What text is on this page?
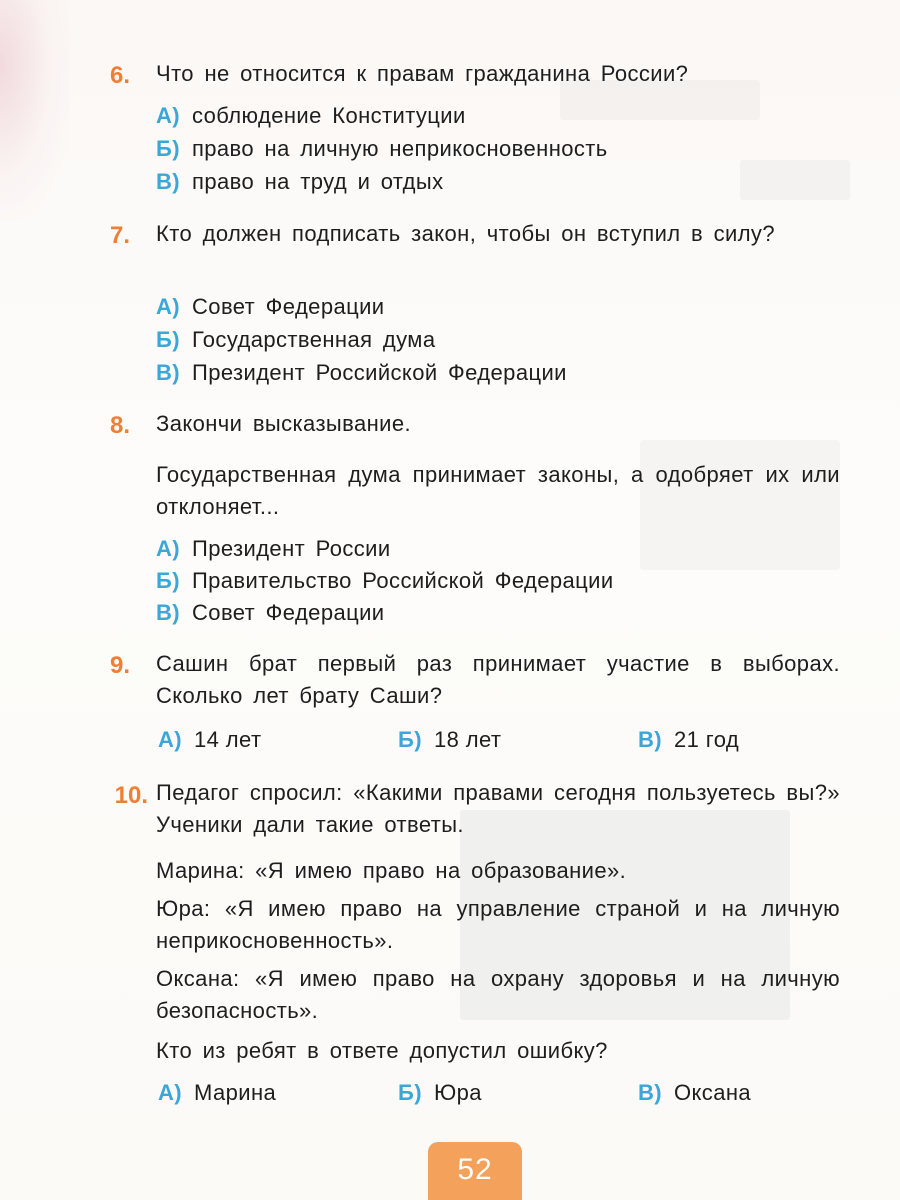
6. Что не относится к правам гражданина России?
А) соблюдение Конституции
Б) право на личную неприкосновенность
В) право на труд и отдых
7. Кто должен подписать закон, чтобы он вступил в силу?
А) Совет Федерации
Б) Государственная дума
В) Президент Российской Федерации
8. Закончи высказывание.
Государственная дума принимает законы, а одобряет их или отклоняет...
А) Президент России
Б) Правительство Российской Федерации
В) Совет Федерации
9. Сашин брат первый раз принимает участие в выборах. Сколько лет брату Саши?
А) 14 лет	Б) 18 лет	В) 21 год
10. Педагог спросил: «Какими правами сегодня пользуетесь вы?» Ученики дали такие ответы.
Марина: «Я имею право на образование».
Юра: «Я имею право на управление страной и на личную неприкосновенность».
Оксана: «Я имею право на охрану здоровья и на личную безопасность».
Кто из ребят в ответе допустил ошибку?
А) Марина	Б) Юра	В) Оксана
52
